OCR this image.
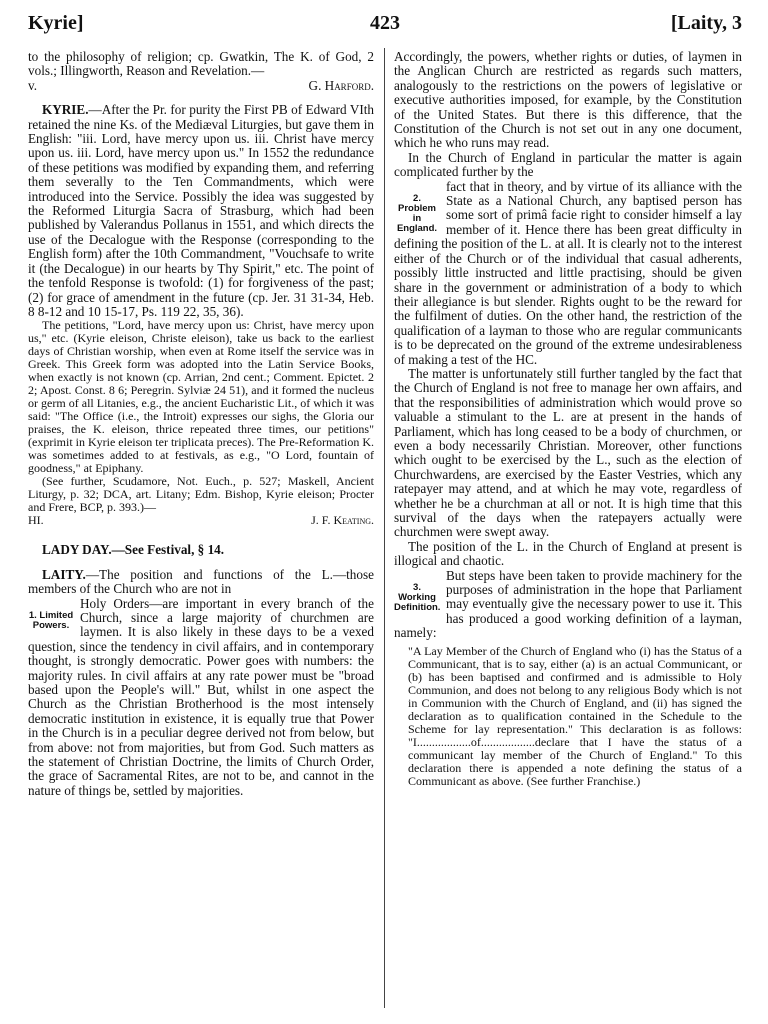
Kyrie]	423	[Laity, 3

to the philosophy of religion; cp. Gwatkin, The K. of God, 2 vols.; Illingworth, Reason and Revelation.—

v.	G. Harford.

KYRIE.—After the Pr. for purity the First PB of Edward VIth retained the nine Ks. of the Mediæval Liturgies, but gave them in English: "iii. Lord, have mercy upon us. iii. Christ have mercy upon us. iii. Lord, have mercy upon us." In 1552 the redundance of these petitions was modified by expanding them, and referring them severally to the Ten Commandments, which were introduced into the Service. Possibly the idea was suggested by the Reformed Liturgia Sacra of Strasburg, which had been published by Valerandus Pollanus in 1551, and which directs the use of the Decalogue with the Response (corresponding to the English form) after the 10th Commandment, "Vouchsafe to write it (the Decalogue) in our hearts by Thy Spirit," etc. The point of the tenfold Response is twofold: (1) for forgiveness of the past; (2) for grace of amendment in the future (cp. Jer. 31 31-34, Heb. 8 8-12 and 10 15-17, Ps. 119 22, 35, 36).

The petitions, "Lord, have mercy upon us: Christ, have mercy upon us," etc. (Kyrie eleison, Christe eleison), take us back to the earliest days of Christian worship, when even at Rome itself the service was in Greek. This Greek form was adopted into the Latin Service Books, when exactly is not known (cp. Arrian, 2nd cent.; Comment. Epictet. 2 2; Apost. Const. 8 6; Peregrin. Sylviæ 24 51), and it formed the nucleus or germ of all Litanies, e.g., the ancient Eucharistic Lit., of which it was said: "The Office (i.e., the Introit) expresses our sighs, the Gloria our praises, the K. eleison, thrice repeated three times, our petitions" (exprimit in Kyrie eleison ter triplicata preces). The Pre-Reformation K. was sometimes added to at festivals, as e.g., "O Lord, fountain of goodness," at Epiphany.

(See further, Scudamore, Not. Euch., p. 527; Maskell, Ancient Liturgy, p. 32; DCA, art. Litany; Edm. Bishop, Kyrie eleison; Procter and Frere, BCP, p. 393.)—

HI.	J. F. Keating.

LADY DAY.—See Festival, § 14.

LAITY.—The position and functions of the L.—those members of the Church who are not in

1. Limited Powers.

Holy Orders—are important in every branch of the Church, since a large majority of churchmen are laymen. It is also likely in these days to be a vexed question, since the tendency in civil affairs, and in contemporary thought, is strongly democratic. Power goes with numbers: the majority rules. In civil affairs at any rate power must be "broad based upon the People's will." But, whilst in one aspect the Church as the Christian Brotherhood is the most intensely democratic institution in existence, it is equally true that Power in the Church is in a peculiar degree derived not from below, but from above: not from majorities, but from God. Such matters as the statement of Christian Doctrine, the limits of Church Order, the grace of Sacramental Rites, are not to be, and cannot in the nature of things be, settled by majorities.

Accordingly, the powers, whether rights or duties, of laymen in the Anglican Church are restricted as regards such matters, analogously to the restrictions on the powers of legislative or executive authorities imposed, for example, by the Constitution of the United States. But there is this difference, that the Constitution of the Church is not set out in any one document, which he who runs may read.

In the Church of England in particular the matter is again complicated further by the

2. Problem in England.

fact that in theory, and by virtue of its alliance with the State as a National Church, any baptised person has some sort of primâ facie right to consider himself a lay member of it. Hence there has been great difficulty in defining the position of the L. at all. It is clearly not to the interest either of the Church or of the individual that casual adherents, possibly little instructed and little practising, should be given share in the government or administration of a body to which their allegiance is but slender. Rights ought to be the reward for the fulfilment of duties. On the other hand, the restriction of the qualification of a layman to those who are regular communicants is to be deprecated on the ground of the extreme undesirableness of making a test of the HC.

The matter is unfortunately still further tangled by the fact that the Church of England is not free to manage her own affairs, and that the responsibilities of administration which would prove so valuable a stimulant to the L. are at present in the hands of Parliament, which has long ceased to be a body of churchmen, or even a body necessarily Christian. Moreover, other functions which ought to be exercised by the L., such as the election of Churchwardens, are exercised by the Easter Vestries, which any ratepayer may attend, and at which he may vote, regardless of whether he be a churchman at all or not. It is high time that this survival of the days when the ratepayers actually were churchmen were swept away.

The position of the L. in the Church of England at present is illogical and chaotic.

3. Working Definition.

But steps have been taken to provide machinery for the purposes of administration in the hope that Parliament may eventually give the necessary power to use it. This has produced a good working definition of a layman, namely:

"A Lay Member of the Church of England who (i) has the Status of a Communicant, that is to say, either (a) is an actual Communicant, or (b) has been baptised and confirmed and is admissible to Holy Communion, and does not belong to any religious Body which is not in Communion with the Church of England, and (ii) has signed the declaration as to qualification contained in the Schedule to the Scheme for lay representation." This declaration is as follows: "I..................of..................declare that I have the status of a communicant lay member of the Church of England." To this declaration there is appended a note defining the status of a Communicant as above. (See further Franchise.)
